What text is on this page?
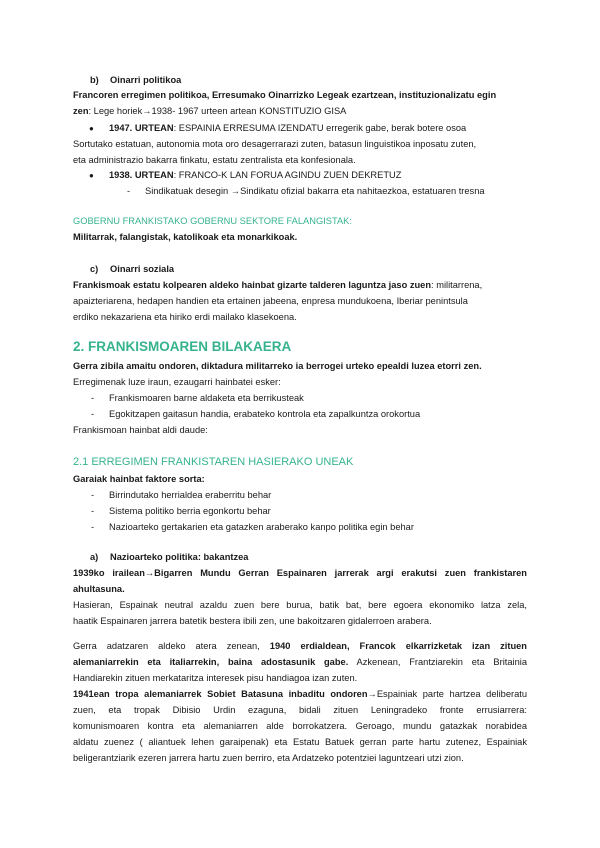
b) Oinarri politikoa
Francoren erregimen politikoa, Erresumako Oinarrizko Legeak ezartzean, instituzionalizatu egin
zen: Lege horiek→1938- 1967 urteen artean KONSTITUZIO GISA
● 1947. URTEAN: ESPAINIA ERRESUMA IZENDATU erregerik gabe, berak botere osoa
Sortutako estatuan, autonomia mota oro desagerrarazi zuten, batasun linguistikoa inposatu zuten,
eta administrazio bakarra finkatu, estatu zentralista eta konfesionala.
● 1938. URTEAN: FRANCO-K LAN FORUA AGINDU ZUEN DEKRETUZ
- Sindikatuak desegin →Sindikatu ofizial bakarra eta nahitaezkoa, estatuaren tresna
GOBERNU FRANKISTAKO GOBERNU SEKTORE FALANGISTAK:
Militarrak, falangistak, katolikoak eta monarkikoak.
c) Oinarri soziala
Frankismoak estatu kolpearen aldeko hainbat gizarte talderen laguntza jaso zuen: militarrena,
apaizteriarena, hedapen handien eta ertainen jabeena, enpresa mundukoena, Iberiar penintsula
erdiko nekazariena eta hiriko erdi mailako klasekoena.
2. FRANKISMOAREN BILAKAERA
Gerra zibila amaitu ondoren, diktadura militarreko ia berrogei urteko epealdi luzea etorri zen.
Erregimenak luze iraun, ezaugarri hainbatei esker:
- Frankismoaren barne aldaketa eta berrikusteak
- Egokitzapen gaitasun handia, erabateko kontrola eta zapalkuntza orokortua
Frankismoan hainbat aldi daude:
2.1 ERREGIMEN FRANKISTAREN HASIERAKO UNEAK
Garaiak hainbat faktore sorta:
- Birrindutako herrialdea eraberritu behar
- Sistema politiko berria egonkortu behar
- Nazioarteko gertakarien eta gatazken araberako kanpo politika egin behar
a) Nazioarteko politika: bakantzea
1939ko irailean→Bigarren Mundu Gerran Espainaren jarrerak argi erakutsi zuen frankistaren
ahultasuna.
Hasieran, Espainak neutral azaldu zuen bere burua, batik bat, bere egoera ekonomiko latza zela,
haatik Espainaren jarrera batetik bestera ibili zen, une bakoitzaren gidalerroen arabera.
Gerra adatzaren aldeko atera zenean, 1940 erdialdean, Francok elkarrizketak izan zituen
alemaniarrekin eta italiarrekin, baina adostasunik gabe. Azkenean, Frantziarekin eta Britainia
Handiarekin zituen merkataritza interesek pisu handiagoa izan zuten.
1941ean tropa alemaniarrek Sobiet Batasuna inbaditu ondoren→Espainiak parte hartzea deliberatu
zuen, eta tropak Dibisio Urdin ezaguna, bidali zituen Leningradeko fronte errusiarrera:
komunismoaren kontra eta alemaniarren alde borrokatzera. Geroago, mundu gatazkak norabidea
aldatu zuenez ( aliantuek lehen garaipenak) eta Estatu Batuek gerran parte hartu zutenez, Espainiak
beligerantziarik ezeren jarrera hartu zuen berriro, eta Ardatzeko potentziei laguntzeari utzi zion.
